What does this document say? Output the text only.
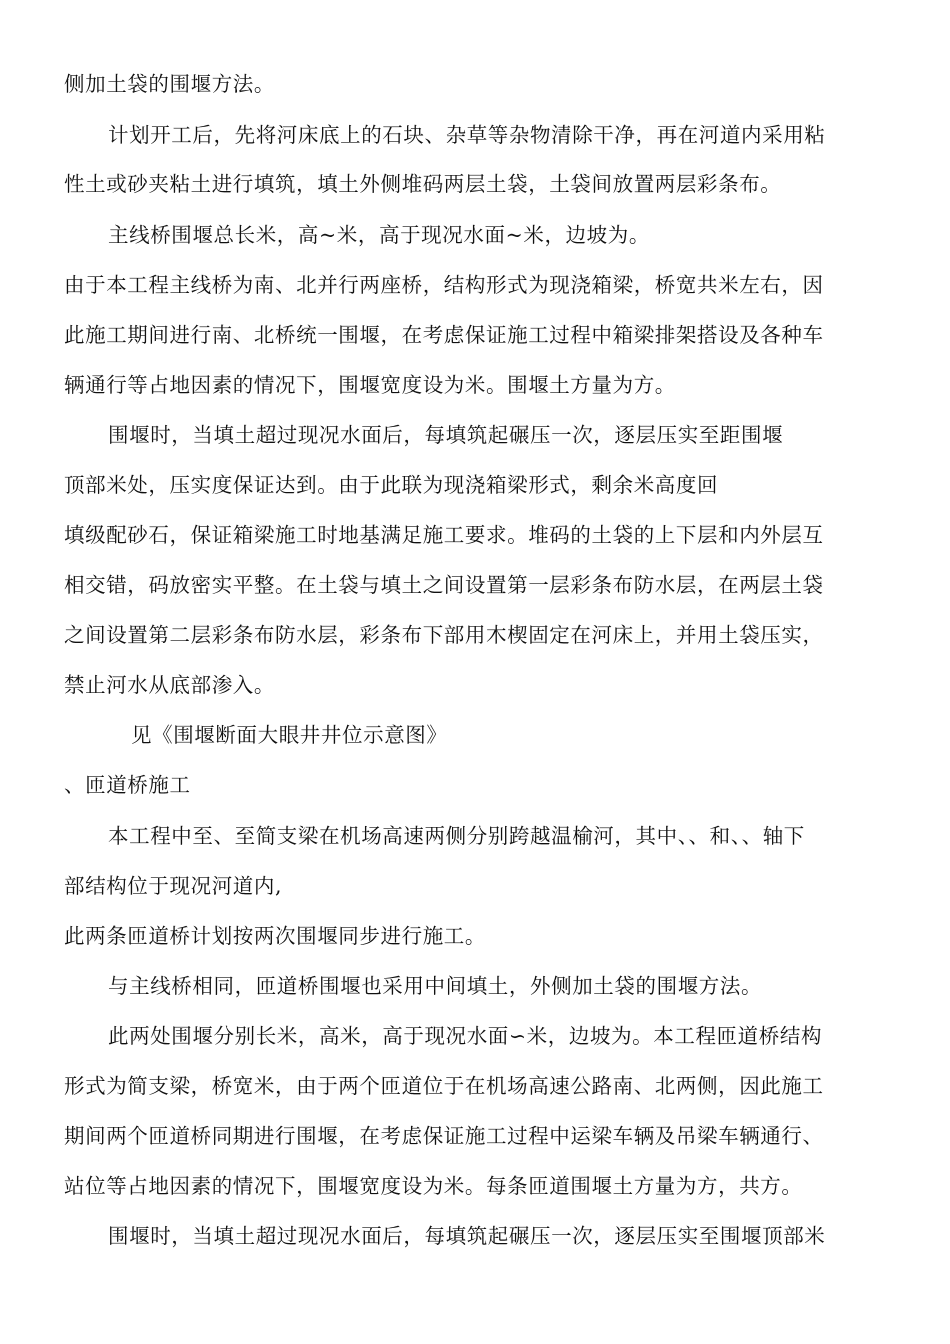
侧加土袋的围堰方法。
计划开工后，先将河床底上的石块、杂草等杂物清除干净，再在河道内采用粘
性土或砂夹粘土进行填筑，填土外侧堆码两层土袋，土袋间放置两层彩条布。
主线桥围堰总长米，高~米，高于现况水面~米，边坡为。
由于本工程主线桥为南、北并行两座桥，结构形式为现浇箱梁，桥宽共米左右，因
此施工期间进行南、北桥统一围堰，在考虑保证施工过程中箱梁排架搭设及各种车
辆通行等占地因素的情况下，围堰宽度设为米。围堰土方量为方。
围堰时，当填土超过现况水面后，每填筑起碾压一次，逐层压实至距围堰
顶部米处，压实度保证达到。由于此联为现浇箱梁形式，剩余米高度回
填级配砂石，保证箱梁施工时地基满足施工要求。堆码的土袋的上下层和内外层互
相交错，码放密实平整。在土袋与填土之间设置第一层彩条布防水层，在两层土袋
之间设置第二层彩条布防水层，彩条布下部用木楔固定在河床上，并用土袋压实，
禁止河水从底部渗入。
见《围堰断面大眼井井位示意图》
、匝道桥施工
本工程中至、至简支梁在机场高速两侧分别跨越温榆河，其中、、和、、轴下
部结构位于现况河道内,
此两条匝道桥计划按两次围堰同步进行施工。
与主线桥相同，匝道桥围堰也采用中间填土，外侧加土袋的围堰方法。
此两处围堰分别长米，高米，高于现况水面∽米，边坡为。本工程匝道桥结构
形式为简支梁，桥宽米，由于两个匝道位于在机场高速公路南、北两侧，因此施工
期间两个匝道桥同期进行围堰，在考虑保证施工过程中运梁车辆及吊梁车辆通行、
站位等占地因素的情况下，围堰宽度设为米。每条匝道围堰土方量为方，共方。
围堰时，当填土超过现况水面后，每填筑起碾压一次，逐层压实至围堰顶部米
